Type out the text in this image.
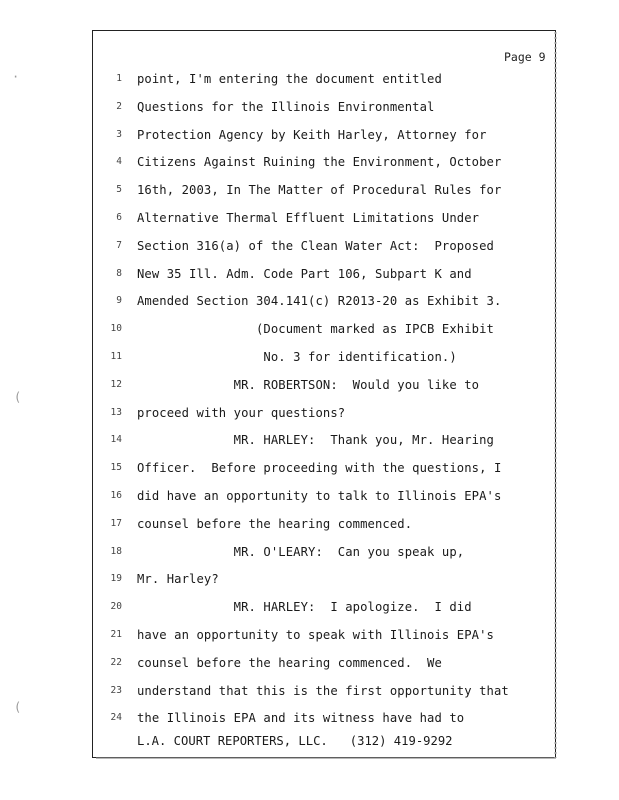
·
(
(
Page 9
1 point, I'm entering the document entitled
2 Questions for the Illinois Environmental
3 Protection Agency by Keith Harley, Attorney for
4 Citizens Against Ruining the Environment, October
5 16th, 2003, In The Matter of Procedural Rules for
6 Alternative Thermal Effluent Limitations Under
7 Section 316(a) of the Clean Water Act:  Proposed
8 New 35 Ill. Adm. Code Part 106, Subpart K and
9 Amended Section 304.141(c) R2013-20 as Exhibit 3.
10 (Document marked as IPCB Exhibit
11 No. 3 for identification.)
12 MR. ROBERTSON:  Would you like to
13 proceed with your questions?
14 MR. HARLEY:  Thank you, Mr. Hearing
15 Officer.  Before proceeding with the questions, I
16 did have an opportunity to talk to Illinois EPA's
17 counsel before the hearing commenced.
18 MR. O'LEARY:  Can you speak up,
19 Mr. Harley?
20 MR. HARLEY:  I apologize.  I did
21 have an opportunity to speak with Illinois EPA's
22 counsel before the hearing commenced.  We
23 understand that this is the first opportunity that
24 the Illinois EPA and its witness have had to
L.A. COURT REPORTERS, LLC.   (312) 419-9292
